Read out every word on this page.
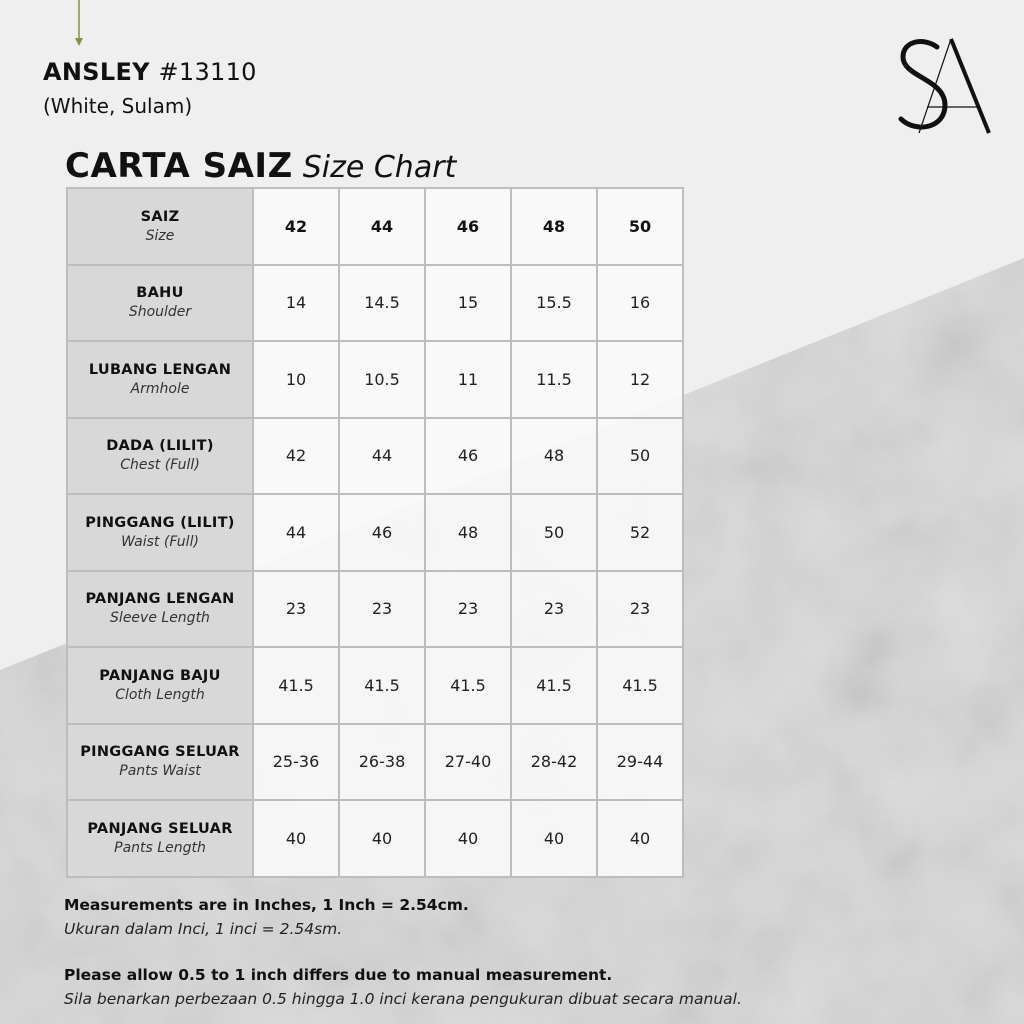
ANSLEY #13110
(White, Sulam)
CARTA SAIZ Size Chart
SAIZ
Size	42	44	46	48	50

BAHU
Shoulder	14	14.5	15	15.5	16

LUBANG LENGAN
Armhole	10	10.5	11	11.5	12

DADA (LILIT)
Chest (Full)	42	44	46	48	50

PINGGANG (LILIT)
Waist (Full)	44	46	48	50	52

PANJANG LENGAN
Sleeve Length	23	23	23	23	23

PANJANG BAJU
Cloth Length	41.5	41.5	41.5	41.5	41.5

PINGGANG SELUAR
Pants Waist	25-36	26-38	27-40	28-42	29-44

PANJANG SELUAR
Pants Length	40	40	40	40	40

Measurements are in Inches, 1 Inch = 2.54cm.

Ukuran dalam Inci, 1 inci = 2.54sm.

Please allow 0.5 to 1 inch differs due to manual measurement.

Sila benarkan perbezaan 0.5 hingga 1.0 inci kerana pengukuran dibuat secara manual.
